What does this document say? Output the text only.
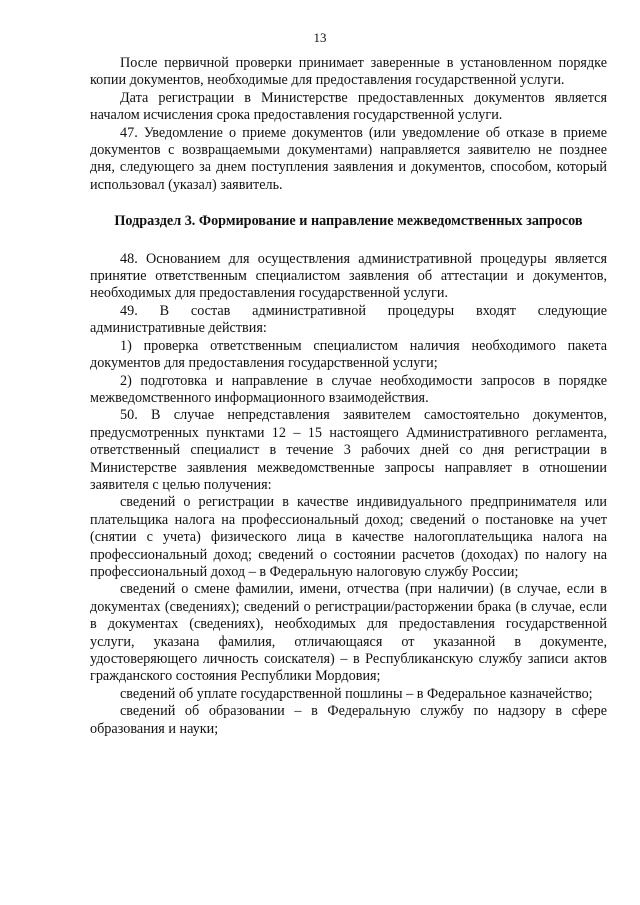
13

После первичной проверки принимает заверенные в установленном порядке копии документов, необходимые для предоставления государственной услуги.

Дата регистрации в Министерстве предоставленных документов является началом исчисления срока предоставления государственной услуги.

47. Уведомление о приеме документов (или уведомление об отказе в приеме документов с возвращаемыми документами) направляется заявителю не позднее дня, следующего за днем поступления заявления и документов, способом, который использовал (указал) заявитель.

Подраздел 3. Формирование и направление межведомственных запросов

48. Основанием для осуществления административной процедуры является принятие ответственным специалистом заявления об аттестации и документов, необходимых для предоставления государственной услуги.

49. В состав административной процедуры входят следующие административные действия:

1) проверка ответственным специалистом наличия необходимого пакета документов для предоставления государственной услуги;

2) подготовка и направление в случае необходимости запросов в порядке межведомственного информационного взаимодействия.

50. В случае непредставления заявителем самостоятельно документов, предусмотренных пунктами 12 – 15 настоящего Административного регламента, ответственный специалист в течение 3 рабочих дней со дня регистрации в Министерстве заявления межведомственные запросы направляет в отношении заявителя с целью получения:

сведений о регистрации в качестве индивидуального предпринимателя или плательщика налога на профессиональный доход; сведений о постановке на учет (снятии с учета) физического лица в качестве налогоплательщика налога на профессиональный доход; сведений о состоянии расчетов (доходах) по налогу на профессиональный доход – в Федеральную налоговую службу России;

сведений о смене фамилии, имени, отчества (при наличии) (в случае, если в документах (сведениях); сведений о регистрации/расторжении брака (в случае, если в документах (сведениях), необходимых для предоставления государственной услуги, указана фамилия, отличающаяся от указанной в документе, удостоверяющего личность соискателя) – в Республиканскую службу записи актов гражданского состояния Республики Мордовия;

сведений об уплате государственной пошлины – в Федеральное казначейство;

сведений об образовании – в Федеральную службу по надзору в сфере образования и науки;
